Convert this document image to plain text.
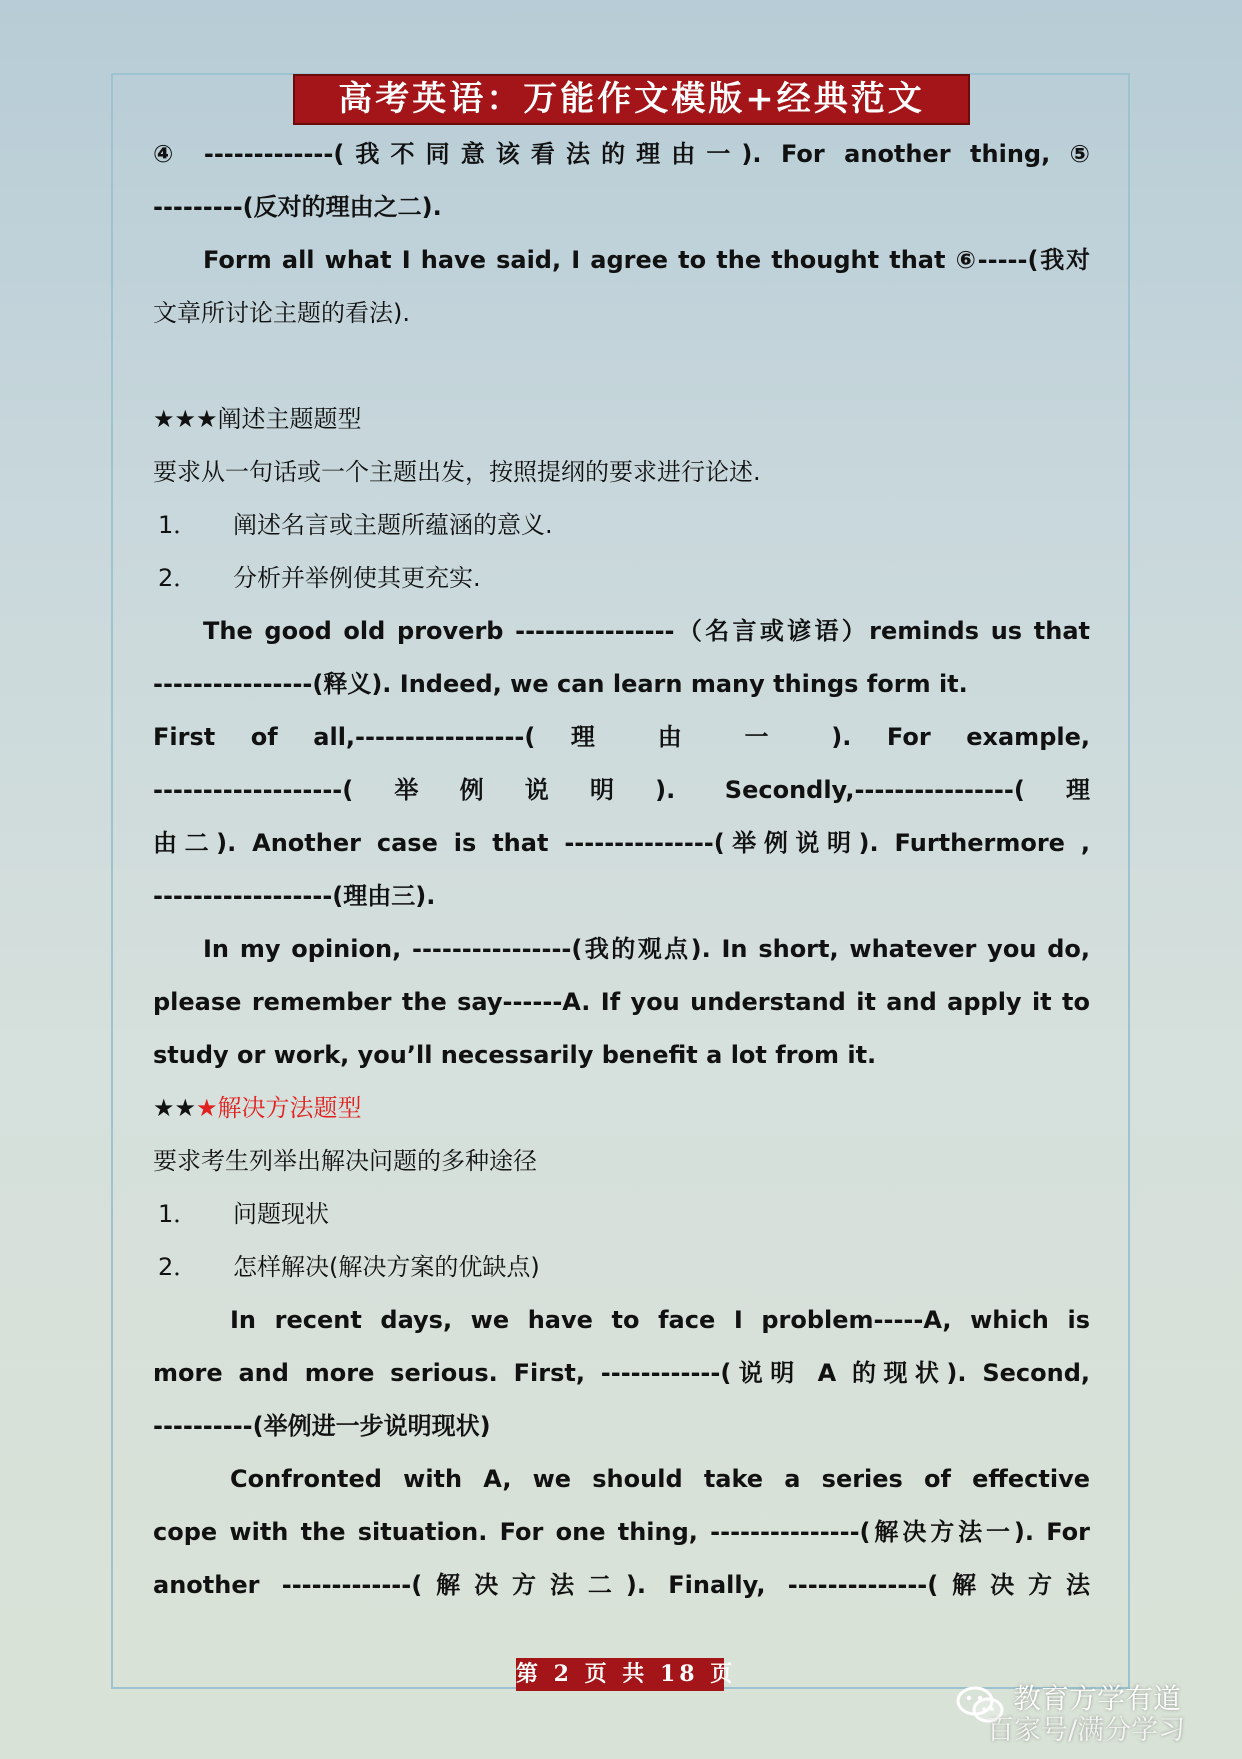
高考英语：万能作文模版+经典范文
④ -------------(我不同意该看法的理由一). For another thing, ⑤
---------(反对的理由之二).
Form all what I have said, I agree to the thought that ⑥-----(我对
文章所讨论主题的看法).
★★★阐述主题题型
要求从一句话或一个主题出发，按照提纲的要求进行论述.
1． 阐述名言或主题所蕴涵的意义.
2． 分析并举例使其更充实.
The good old proverb ----------------（名言或谚语）reminds us that
----------------(释义). Indeed, we can learn many things form it.
First of all,-----------------( 理 由 一 ). For example,
-------------------(举例说明). Secondly,----------------(理
由二). Another case is that ---------------(举例说明). Furthermore ,
------------------(理由三).
In my opinion, ----------------(我的观点). In short, whatever you do,
please remember the say------A. If you understand it and apply it to
study or work, you’ll necessarily benefit a lot from it.
★★★解决方法题型
要求考生列举出解决问题的多种途径
1． 问题现状
2． 怎样解决(解决方案的优缺点)
In recent days, we have to face I problem-----A, which is
more and more serious. First, ------------(说明 A 的现状). Second,
----------(举例进一步说明现状)
Confronted with A, we should take a series of effective
cope with the situation. For one thing, ---------------(解决方法一). For
another -------------(解决方法二). Finally, --------------(解决方法
第 2 页 共 18 页
教育方学有道
百家号/满分学习
